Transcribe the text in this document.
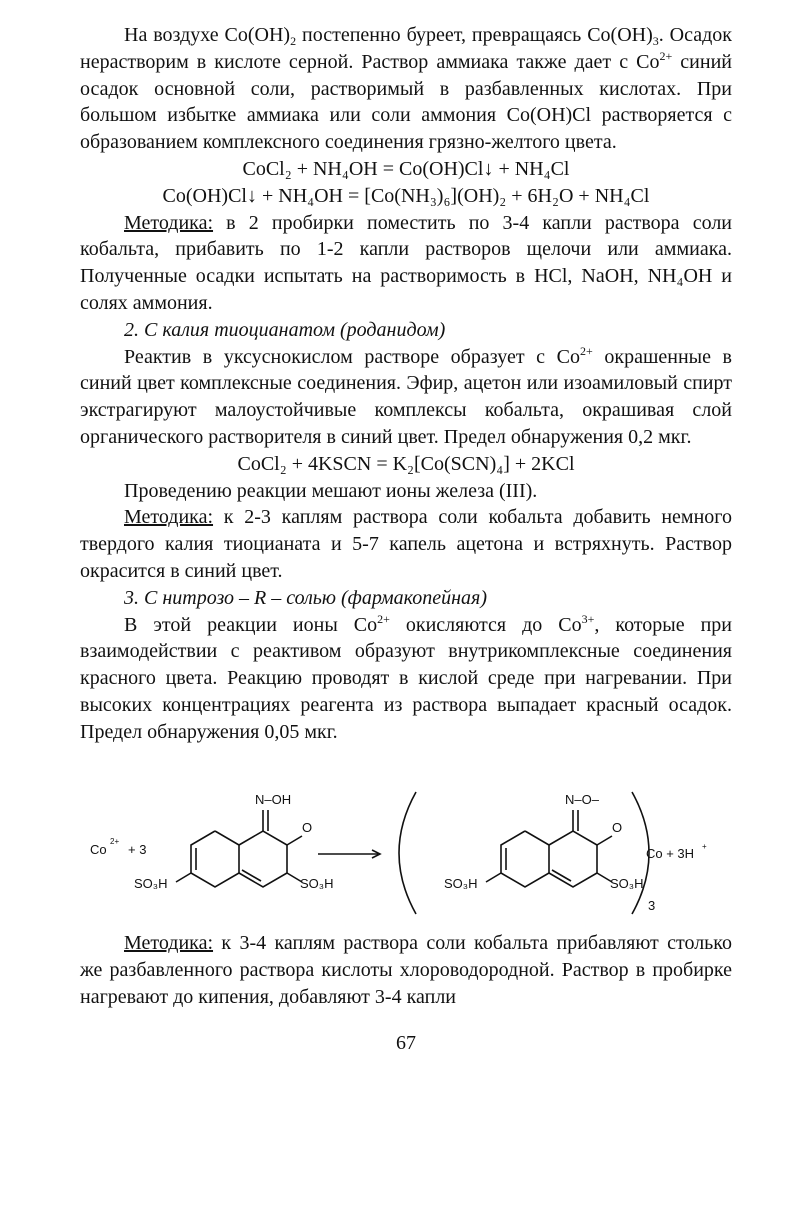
На воздухе $Co(OH)_2$ постепенно буреет, превращаясь $Co(OH)_3$. Осадок нерастворим в кислоте серной. Раствор аммиака также дает с $Co^{2+}$ синий осадок основной соли, растворимый в разбавленных кислотах. При большом избытке аммиака или соли аммония Co(OH)Cl растворяется с образованием комплексного соединения грязно-желтого цвета.

CoCl₂ + NH₄OH = Co(OH)Cl↓ + NH₄Cl

Co(OH)Cl↓ + NH₄OH = [Co(NH₃)₆](OH)₂ + 6H₂O + NH₄Cl

Методика: в 2 пробирки поместить по 3-4 капли раствора соли кобальта, прибавить по 1-2 капли растворов щелочи или аммиака. Полученные осадки испытать на растворимость в HCl, NaOH, NH₄OH и солях аммония.

2. С калия тиоцианатом (роданидом)

Реактив в уксуснокислом растворе образует с $Co^{2+}$ окрашенные в синий цвет комплексные соединения. Эфир, ацетон или изоамиловый спирт экстрагируют малоустойчивые комплексы кобальта, окрашивая слой органического растворителя в синий цвет. Предел обнаружения 0,2 мкг.

CoCl₂ + 4KSCN = K₂[Co(SCN)₄] + 2KCl

Проведению реакции мешают ионы железа (III).

Методика: к 2-3 каплям раствора соли кобальта добавить немного твердого калия тиоцианата и 5-7 капель ацетона и встряхнуть. Раствор окрасится в синий цвет.

3. С нитрозо – R – солью (фармакопейная)

В этой реакции ионы $Co^{2+}$ окисляются до $Co^{3+}$, которые при взаимодействии с реактивом образуют внутрикомплексные соединения красного цвета. Реакцию проводят в кислой среде при нагревании. При высоких концентрациях реагента из раствора выпадает красный осадок. Предел обнаружения 0,05 мкг.

Co
2+
+ 3
N–OH
O
SO₃H	SO₃H
N–O–
O
SO₃H	SO₃H
3
Co + 3H +

Методика: к 3-4 каплям раствора соли кобальта прибавляют столько же разбавленного раствора кислоты хлороводородной. Раствор в пробирке нагревают до кипения, добавляют 3-4 капли

67
